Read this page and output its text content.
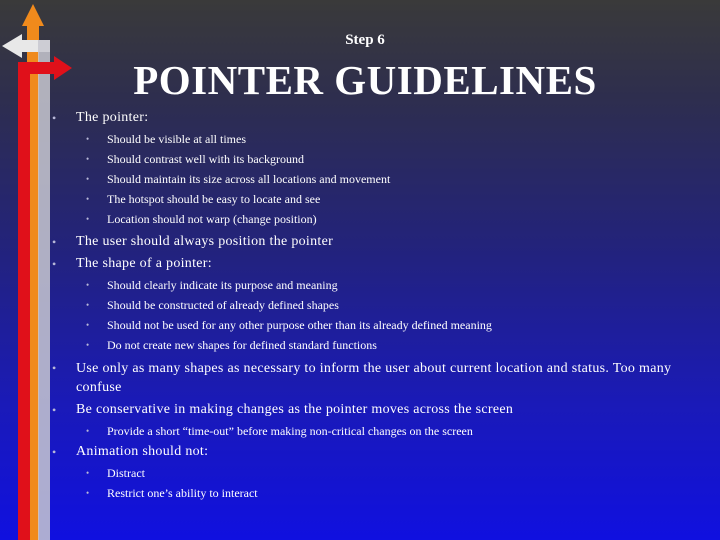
Step 6
POINTER GUIDELINES
• The pointer:
• Should be visible at all times
• Should contrast well with its background
• Should maintain its size across all locations and movement
• The hotspot should be easy to locate and see
• Location should not warp (change position)
• The user should always position the pointer
• The shape of a pointer:
• Should clearly indicate its purpose and meaning
• Should be constructed of already defined shapes
• Should not be used for any other purpose other than its already defined meaning
• Do not create new shapes for defined standard functions
• Use only as many shapes as necessary to inform the user about current location and status. Too many confuse
• Be conservative in making changes as the pointer moves across the screen
• Provide a short “time-out” before making non-critical changes on the screen
• Animation should not:
• Distract
• Restrict one’s ability to interact
